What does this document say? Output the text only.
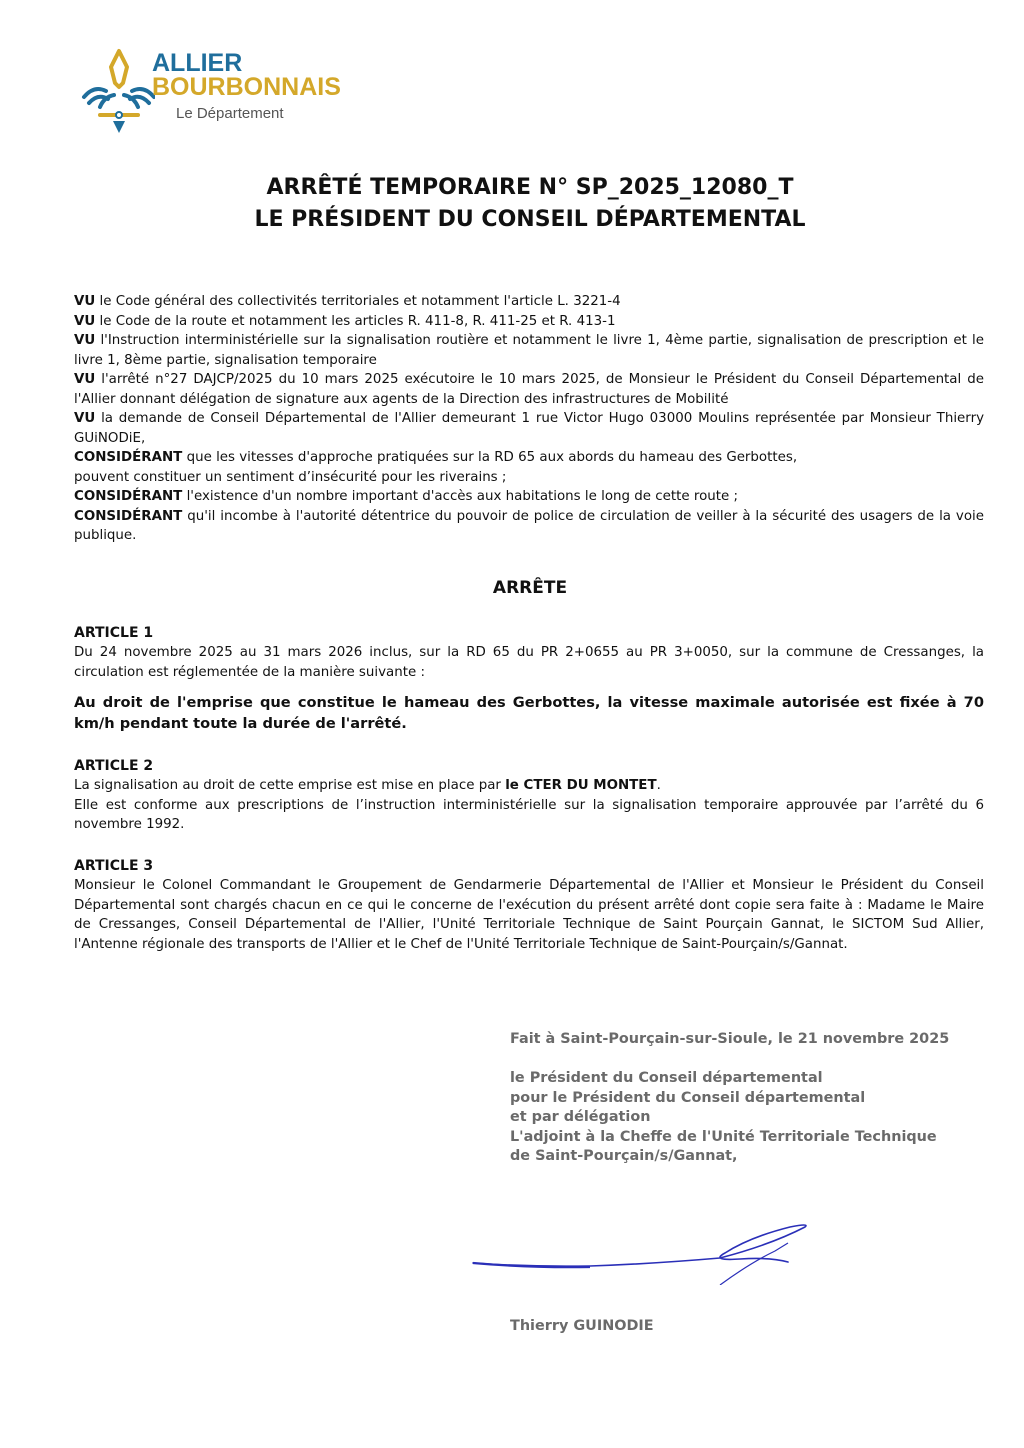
ALLIER
BOURBONNAIS
Le Département
ARRÊTÉ TEMPORAIRE N° SP_2025_12080_T
LE PRÉSIDENT DU CONSEIL DÉPARTEMENTAL

VU le Code général des collectivités territoriales et notamment l'article L. 3221-4

VU le Code de la route et notamment les articles R. 411-8, R. 411-25 et R. 413-1

VU l'Instruction interministérielle sur la signalisation routière et notamment le livre 1, 4ème partie, signalisation de prescription et le livre 1, 8ème partie, signalisation temporaire

VU l'arrêté n°27 DAJCP/2025 du 10 mars 2025 exécutoire le 10 mars 2025, de Monsieur le Président du Conseil Départemental de l'Allier donnant délégation de signature aux agents de la Direction des infrastructures de Mobilité

VU la demande de Conseil Départemental de l'Allier demeurant 1 rue Victor Hugo 03000 Moulins représentée par Monsieur Thierry GUiNODiE,

CONSIDÉRANT que les vitesses d'approche pratiquées sur la RD 65 aux abords du hameau des Gerbottes,
pouvent constituer un sentiment d’insécurité pour les riverains ;

CONSIDÉRANT l'existence d'un nombre important d'accès aux habitations le long de cette route ;

CONSIDÉRANT qu'il incombe à l'autorité détentrice du pouvoir de police de circulation de veiller à la sécurité des usagers de la voie publique.

ARRÊTE
ARTICLE 1

Du 24 novembre 2025 au 31 mars 2026 inclus, sur la RD 65 du PR 2+0655 au PR 3+0050, sur la commune de Cressanges, la circulation est réglementée de la manière suivante :

Au droit de l'emprise que constitue le hameau des Gerbottes, la vitesse maximale autorisée est fixée à 70 km/h pendant toute la durée de l'arrêté.

ARTICLE 2

La signalisation au droit de cette emprise est mise en place par le CTER DU MONTET.

Elle est conforme aux prescriptions de l’instruction interministérielle sur la signalisation temporaire approuvée par l’arrêté du 6 novembre 1992.

ARTICLE 3

Monsieur le Colonel Commandant le Groupement de Gendarmerie Départemental de l'Allier et Monsieur le Président du Conseil Départemental sont chargés chacun en ce qui le concerne de l'exécution du présent arrêté dont copie sera faite à : Madame le Maire de Cressanges, Conseil Départemental de l'Allier, l'Unité Territoriale Technique de Saint Pourçain Gannat, le SICTOM Sud Allier, l'Antenne régionale des transports de l'Allier et le Chef de l'Unité Territoriale Technique de Saint-Pourçain/s/Gannat.

Fait à Saint-Pourçain-sur-Sioule, le 21 novembre 2025

le Président du Conseil départemental

pour le Président du Conseil départemental

et par délégation

L'adjoint à la Cheffe de l'Unité Territoriale Technique

de Saint-Pourçain/s/Gannat,

Thierry GUINODIE
